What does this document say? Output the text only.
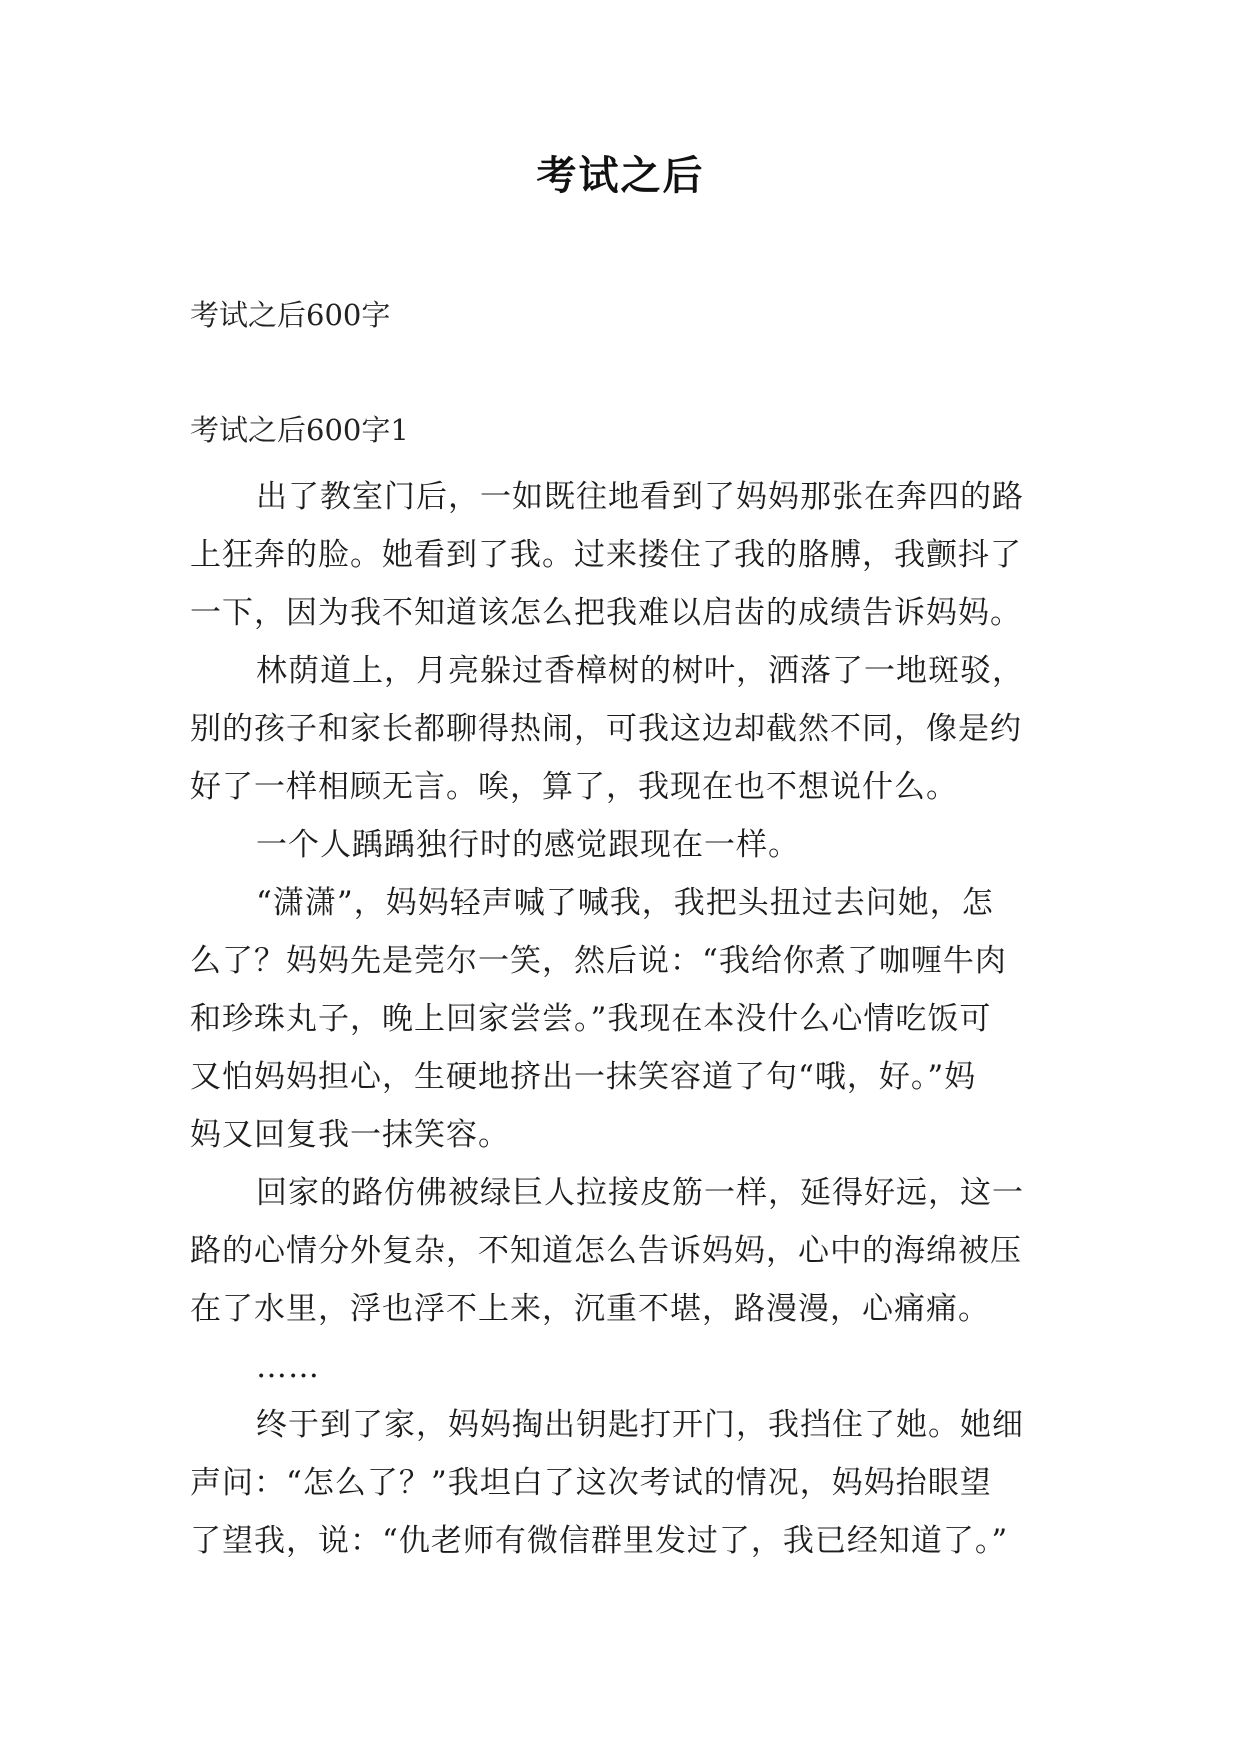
考试之后
考试之后600字
考试之后600字1
出了教室门后，一如既往地看到了妈妈那张在奔四的路
上狂奔的脸。她看到了我。过来搂住了我的胳膊，我颤抖了
一下，因为我不知道该怎么把我难以启齿的成绩告诉妈妈。
林荫道上，月亮躲过香樟树的树叶，洒落了一地斑驳，
别的孩子和家长都聊得热闹，可我这边却截然不同，像是约
好了一样相顾无言。唉，算了，我现在也不想说什么。
一个人踽踽独行时的感觉跟现在一样。
“潇潇”，妈妈轻声喊了喊我，我把头扭过去问她，怎
么了？妈妈先是莞尔一笑，然后说：“我给你煮了咖喱牛肉
和珍珠丸子，晚上回家尝尝。”我现在本没什么心情吃饭可
又怕妈妈担心，生硬地挤出一抹笑容道了句“哦，好。”妈
妈又回复我一抹笑容。
回家的路仿佛被绿巨人拉接皮筋一样，延得好远，这一
路的心情分外复杂，不知道怎么告诉妈妈，心中的海绵被压
在了水里，浮也浮不上来，沉重不堪，路漫漫，心痛痛。
……
终于到了家，妈妈掏出钥匙打开门，我挡住了她。她细
声问：“怎么了？”我坦白了这次考试的情况，妈妈抬眼望
了望我，说：“仇老师有微信群里发过了，我已经知道了。”
